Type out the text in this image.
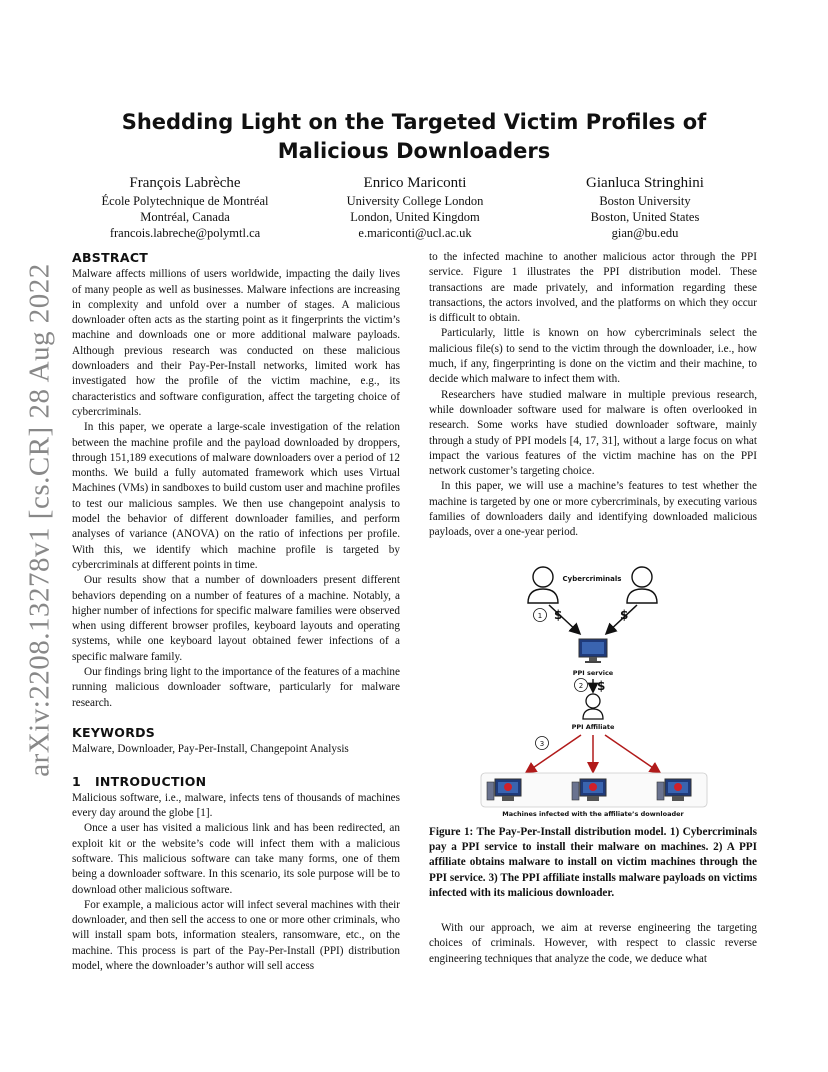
arXiv:2208.13278v1 [cs.CR] 28 Aug 2022
Shedding Light on the Targeted Victim Profiles of Malicious Downloaders
François Labrèche
École Polytechnique de Montréal
Montréal, Canada
francois.labreche@polymtl.ca
Enrico Mariconti
University College London
London, United Kingdom
e.mariconti@ucl.ac.uk
Gianluca Stringhini
Boston University
Boston, United States
gian@bu.edu
ABSTRACT

Malware affects millions of users worldwide, impacting the daily lives of many people as well as businesses. Malware infections are increasing in complexity and unfold over a number of stages. A malicious downloader often acts as the starting point as it fingerprints the victim’s machine and downloads one or more additional malware payloads. Although previous research was conducted on these malicious downloaders and their Pay-Per-Install networks, limited work has investigated how the profile of the victim machine, e.g., its characteristics and software configuration, affect the targeting choice of cybercriminals.

In this paper, we operate a large-scale investigation of the relation between the machine profile and the payload downloaded by droppers, through 151,189 executions of malware downloaders over a period of 12 months. We build a fully automated framework which uses Virtual Machines (VMs) in sandboxes to build custom user and machine profiles to test our malicious samples. We then use changepoint analysis to model the behavior of different downloader families, and perform analyses of variance (ANOVA) on the ratio of infections per profile. With this, we identify which machine profile is targeted by cybercriminals at different points in time.

Our results show that a number of downloaders present different behaviors depending on a number of features of a machine. Notably, a higher number of infections for specific malware families were observed when using different browser profiles, keyboard layouts and operating systems, while one keyboard layout obtained fewer infections of a specific malware family.

Our findings bring light to the importance of the features of a machine running malicious downloader software, particularly for malware research.

KEYWORDS

Malware, Downloader, Pay-Per-Install, Changepoint Analysis

1   INTRODUCTION

Malicious software, i.e., malware, infects tens of thousands of machines every day around the globe [1].

Once a user has visited a malicious link and has been redirected, an exploit kit or the website’s code will infect them with a malicious software. This malicious software can take many forms, one of them being a downloader software. In this scenario, its sole purpose will be to download other malicious software.

For example, a malicious actor will infect several machines with their downloader, and then sell the access to one or more other criminals, who will install spam bots, information stealers, ransomware, etc., on the machine. This process is part of the Pay-Per-Install (PPI) distribution model, where the downloader’s author will sell access

to the infected machine to another malicious actor through the PPI service. Figure 1 illustrates the PPI distribution model. These transactions are made privately, and information regarding these transactions, the actors involved, and the platforms on which they occur is difficult to obtain.

Particularly, little is known on how cybercriminals select the malicious file(s) to send to the victim through the downloader, i.e., how much, if any, fingerprinting is done on the victim and their machine, to decide which malware to infect them with.

Researchers have studied malware in multiple previous research, while downloader software used for malware is often overlooked in research. Some works have studied downloader software, mainly through a study of PPI models [4, 17, 31], without a large focus on what impact the various features of the victim machine has on the PPI network customer’s targeting choice.

In this paper, we will use a machine’s features to test whether the machine is targeted by one or more cybercriminals, by executing various families of downloaders daily and identifying downloaded malicious payloads, over a one-year period.

Cybercriminals
1 $	$
PPI service
2 $
PPI Affiliate
3
Machines infected with the affiliate’s downloader
Figure 1: The Pay-Per-Install distribution model. 1) Cybercriminals pay a PPI service to install their malware on machines. 2) A PPI affiliate obtains malware to install on victim machines through the PPI service. 3) The PPI affiliate installs malware payloads on victims infected with its malicious downloader.

With our approach, we aim at reverse engineering the targeting choices of criminals. However, with respect to classic reverse engineering techniques that analyze the code, we deduce what
